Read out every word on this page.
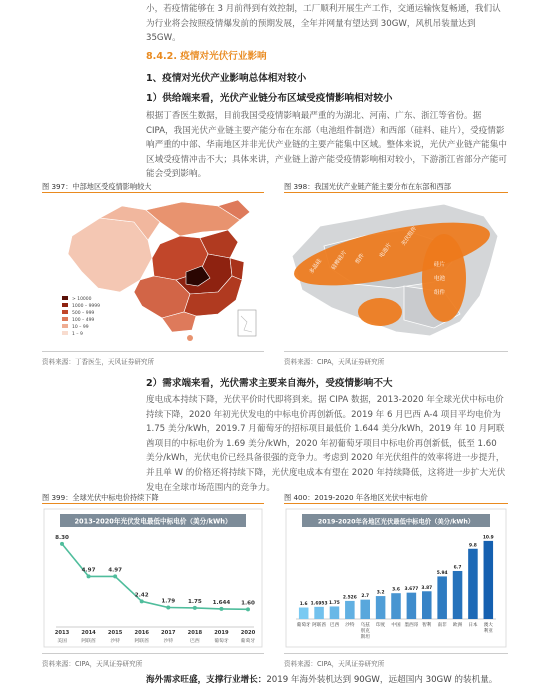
小，若疫情能够在 3 月前得到有效控制，工厂顺利开展生产工作，交通运输恢复畅通，我们认为行业将会按照疫情爆发前的预期发展，全年并网量有望达到 30GW，风机吊装量达到 35GW。

8.4.2. 疫情对光伏行业影响

1、疫情对光伏产业影响总体相对较小

1）供给端来看，光伏产业链分布区域受疫情影响相对较小

根据丁香医生数据，目前我国受疫情影响最严重的为湖北、河南、广东、浙江等省份。据 CIPA，我国光伏产业链主要产能分布在东部（电池组件制造）和西部（硅料、硅片），受疫情影响严重的中部、华南地区并非光伏产业链的主要产能集中区域。整体来说，光伏产业链产能集中区域受疫情冲击不大；具体来讲，产业链上游产能受疫情影响相对较小，下游浙江省部分产能可能会受到影响。

图 397：中部地区受疫情影响较大
> 10000
1000 – 9999
500 – 999
100 – 499
10 – 99
1 – 9
资料来源：丁香医生，天风证券研究所
图 398：我国光伏产业链产能主要分布在东部和西部
多晶硅 硅棒硅片 组件 电池片
光伏组件
硅片
电池
组件
资料来源：CIPA，天风证券研究所

2）需求端来看，光伏需求主要来自海外，受疫情影响不大

度电成本持续下降，光伏平价时代即将到来。据 CIPA 数据，2013-2020 年全球光伏中标电价持续下降，2020 年初光伏发电的中标电价再创新低。2019 年 6 月巴西 A-4 项目平均电价为 1.75 美分/kWh，2019.7 月葡萄牙的招标项目最低价 1.644 美分/kWh，2019 年 10 月阿联酋项目的中标电价为 1.69 美分/kWh，2020 年初葡萄牙项目中标电价再创新低，低至 1.60 美分/kWh，光伏电价已经具备很强的竞争力。考虑到 2020 年光伏组件的效率将进一步提升，并且单 W 的价格还将持续下降，光伏度电成本有望在 2020 年持续降低，这将进一步扩大光伏发电在全球市场范围内的竞争力。

图 399：全球光伏中标电价持续下降
2013-2020年光伏发电最低中标电价（美分/kWh）
8.30
2013
美国
4.97
2014
阿联酋
4.97
2015
沙特
2.42
2016
阿联酋
1.79
2017
沙特
1.75
2018
巴西
1.644
2019
葡萄牙
1.60
2020
葡萄牙
资料来源：CIPA，天风证券研究所
图 400：2019-2020 年各地区光伏中标电价
2019-2020年各地区光伏最低中标电价（美分/kWh）
1.6
葡萄牙
1.6953
阿联酋
1.75
巴西
2.526
沙特
2.7
乌兹
别克
斯坦
3.2
印度
3.6
中国
3.677
墨西哥
3.87
智利
5.94
南非
6.7
欧洲
9.8
日本
10.9
澳大
利亚
资料来源：CIPA，天风证券研究所

海外需求旺盛，支撑行业增长：2019 年海外装机达到 90GW，远超国内 30GW 的装机量。
